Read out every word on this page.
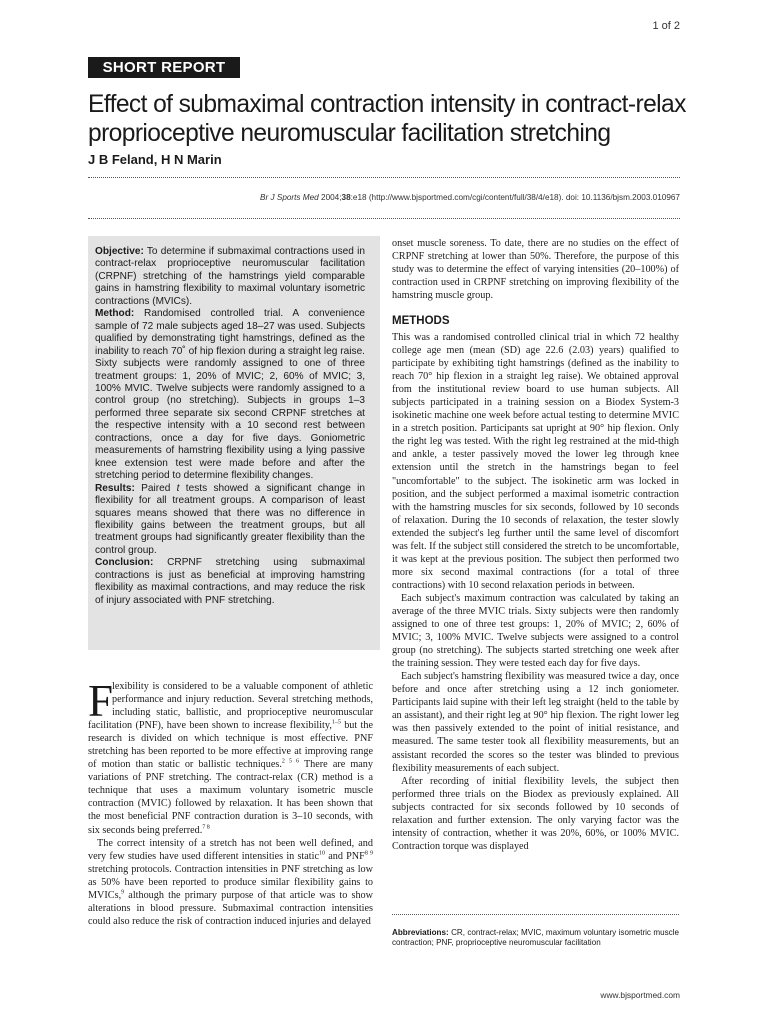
1 of 2
SHORT REPORT
Effect of submaximal contraction intensity in contract-relax proprioceptive neuromuscular facilitation stretching
J B Feland, H N Marin
Br J Sports Med 2004;38:e18 (http://www.bjsportmed.com/cgi/content/full/38/4/e18). doi: 10.1136/bjsm.2003.010967

Objective: To determine if submaximal contractions used in contract-relax proprioceptive neuromuscular facilitation (CRPNF) stretching of the hamstrings yield comparable gains in hamstring flexibility to maximal voluntary isometric contractions (MVICs).

Method: Randomised controlled trial. A convenience sample of 72 male subjects aged 18–27 was used. Subjects qualified by demonstrating tight hamstrings, defined as the inability to reach 70˚ of hip flexion during a straight leg raise. Sixty subjects were randomly assigned to one of three treatment groups: 1, 20% of MVIC; 2, 60% of MVIC; 3, 100% MVIC. Twelve subjects were randomly assigned to a control group (no stretching). Subjects in groups 1–3 performed three separate six second CRPNF stretches at the respective intensity with a 10 second rest between contractions, once a day for five days. Goniometric measurements of hamstring flexibility using a lying passive knee extension test were made before and after the stretching period to determine flexibility changes.

Results: Paired t tests showed a significant change in flexibility for all treatment groups. A comparison of least squares means showed that there was no difference in flexibility gains between the treatment groups, but all treatment groups had significantly greater flexibility than the control group.

Conclusion: CRPNF stretching using submaximal contractions is just as beneficial at improving hamstring flexibility as maximal contractions, and may reduce the risk of injury associated with PNF stretching.

F

lexibility is considered to be a valuable component of athletic performance and injury reduction. Several stretching methods, including static, ballistic, and proprioceptive neuromuscular facilitation (PNF), have been shown to increase flexibility,$^{1-5}$ but the research is divided on which technique is most effective. PNF stretching has been reported to be more effective at improving range of motion than static or ballistic techniques.$^{2 5 6}$ There are many variations of PNF stretching. The contract-relax (CR) method is a technique that uses a maximum voluntary isometric muscle contraction (MVIC) followed by relaxation. It has been shown that the most beneficial PNF contraction duration is 3–10 seconds, with six seconds being preferred.$^{7 8}$

The correct intensity of a stretch has not been well defined, and very few studies have used different intensities in static$^{10}$ and $PNF^{8 9}$ stretching protocols. Contraction intensities in PNF stretching as low as 50% have been reported to produce similar flexibility gains to MVICs,$^9$ although the primary purpose of that article was to show alterations in blood pressure. Submaximal contraction intensities could also reduce the risk of contraction induced injuries and delayed

onset muscle soreness. To date, there are no studies on the effect of CRPNF stretching at lower than 50%. Therefore, the purpose of this study was to determine the effect of varying intensities (20–100%) of contraction used in CRPNF stretching on improving flexibility of the hamstring muscle group.

METHODS

This was a randomised controlled clinical trial in which 72 healthy college age men (mean (SD) age 22.6 (2.03) years) qualified to participate by exhibiting tight hamstrings (defined as the inability to reach 70° hip flexion in a straight leg raise). We obtained approval from the institutional review board to use human subjects. All subjects participated in a training session on a Biodex System-3 isokinetic machine one week before actual testing to determine MVIC in a stretch position. Participants sat upright at 90° hip flexion. Only the right leg was tested. With the right leg restrained at the mid-thigh and ankle, a tester passively moved the lower leg through knee extension until the stretch in the hamstrings began to feel "uncomfortable" to the subject. The isokinetic arm was locked in position, and the subject performed a maximal isometric contraction with the hamstring muscles for six seconds, followed by 10 seconds of relaxation. During the 10 seconds of relaxation, the tester slowly extended the subject's leg further until the same level of discomfort was felt. If the subject still considered the stretch to be uncomfortable, it was kept at the previous position. The subject then performed two more six second maximal contractions (for a total of three contractions) with 10 second relaxation periods in between.

Each subject's maximum contraction was calculated by taking an average of the three MVIC trials. Sixty subjects were then randomly assigned to one of three test groups: 1, 20% of MVIC; 2, 60% of MVIC; 3, 100% MVIC. Twelve subjects were assigned to a control group (no stretching). The subjects started stretching one week after the training session. They were tested each day for five days.

Each subject's hamstring flexibility was measured twice a day, once before and once after stretching using a 12 inch goniometer. Participants laid supine with their left leg straight (held to the table by an assistant), and their right leg at 90° hip flexion. The right lower leg was then passively extended to the point of initial resistance, and measured. The same tester took all flexibility measurements, but an assistant recorded the scores so the tester was blinded to previous flexibility measurements of each subject.

After recording of initial flexibility levels, the subject then performed three trials on the Biodex as previously explained. All subjects contracted for six seconds followed by 10 seconds of relaxation and further extension. The only varying factor was the intensity of contraction, whether it was 20%, 60%, or 100% MVIC. Contraction torque was displayed

Abbreviations: CR, contract-relax; MVIC, maximum voluntary isometric muscle contraction; PNF, proprioceptive neuromuscular facilitation
www.bjsportmed.com
